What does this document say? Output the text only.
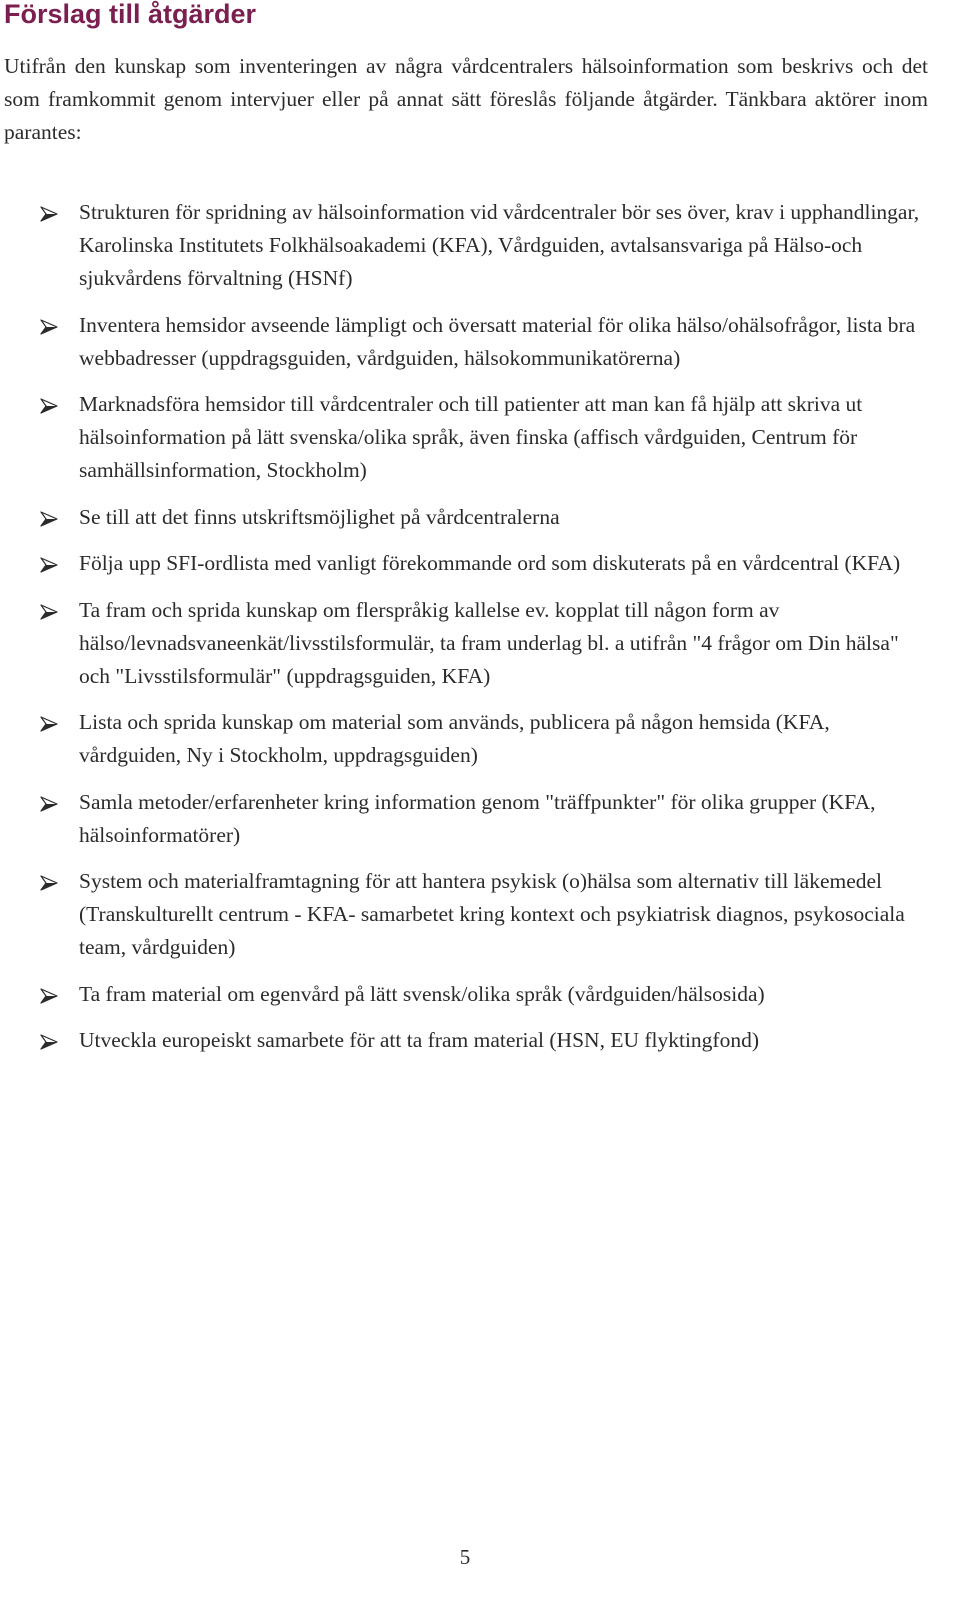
Förslag till åtgärder

Utifrån den kunskap som inventeringen av några vårdcentralers hälsoinformation som beskrivs och det som framkommit genom intervjuer eller på annat sätt föreslås följande åtgärder. Tänkbara aktörer inom parantes:

Strukturen för spridning av hälsoinformation vid vårdcentraler bör ses över, krav i upphandlingar, Karolinska Institutets Folkhälsoakademi (KFA), Vårdguiden, avtalsansvariga på Hälso-och sjukvårdens förvaltning (HSNf)
Inventera hemsidor avseende lämpligt och översatt material för olika hälso/ohälsofrågor, lista bra webbadresser (uppdragsguiden, vårdguiden, hälsokommunikatörerna)
Marknadsföra hemsidor till vårdcentraler och till patienter att man kan få hjälp att skriva ut hälsoinformation på lätt svenska/olika språk, även finska (affisch vårdguiden, Centrum för samhällsinformation, Stockholm)
Se till att det finns utskriftsmöjlighet på vårdcentralerna
Följa upp SFI-ordlista med vanligt förekommande ord som diskuterats på en vårdcentral (KFA)
Ta fram och sprida kunskap om flerspråkig kallelse ev. kopplat till någon form av hälso/levnadsvaneenkät/livsstilsformulär, ta fram underlag bl. a utifrån "4 frågor om Din hälsa" och "Livsstilsformulär" (uppdragsguiden, KFA)
Lista och sprida kunskap om material som används, publicera på någon hemsida (KFA, vårdguiden, Ny i Stockholm, uppdragsguiden)
Samla metoder/erfarenheter kring information genom "träffpunkter" för olika grupper (KFA, hälsoinformatörer)
System och materialframtagning för att hantera psykisk (o)hälsa som alternativ till läkemedel (Transkulturellt centrum - KFA- samarbetet kring kontext och psykiatrisk diagnos, psykosociala team, vårdguiden)
Ta fram material om egenvård på lätt svensk/olika språk (vårdguiden/hälsosida)
Utveckla europeiskt samarbete för att ta fram material (HSN, EU flyktingfond)
5
